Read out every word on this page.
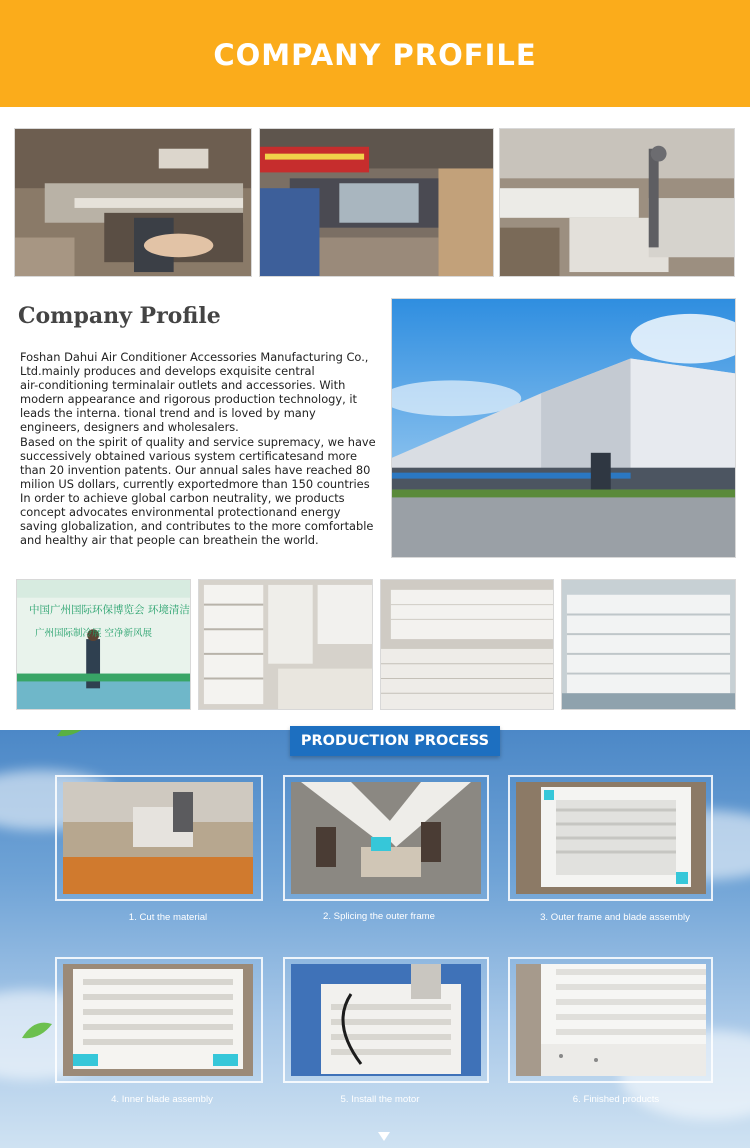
COMPANY PROFILE
Company Profile

Foshan Dahui Air Conditioner Accessories Manufacturing Co.,

Ltd.mainly produces and develops exquisite central

air-conditioning terminalair outlets and accessories. With

modern appearance and rigorous production technology, it

leads the interna. tional trend and is loved by many

engineers, designers and wholesalers.

Based on the spirit of quality and service supremacy, we have

successively obtained various system certificatesand more

than 20 invention patents. Our annual sales have reached 80

milion US dollars, currently exportedmore than 150 countries

In order to achieve global carbon neutrality, we products

concept advocates environmental protectionand energy

saving globalization, and contributes to the more comfortable

and healthy air that people can breathein the world.

中国广州国际环保博览会 环境清洁
广州国际制冷展 空净新风展
PRODUCTION PROCESS
1. Cut the material	2. Splicing the outer frame	3. Outer frame and blade assembly
4. Inner blade assembly	5. Install the motor	6. Finished products
